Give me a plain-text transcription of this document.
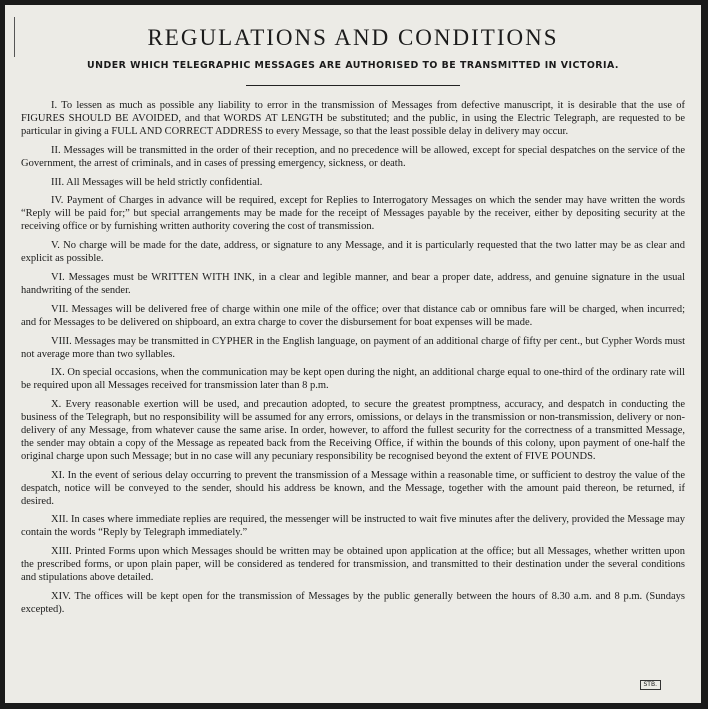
REGULATIONS AND CONDITIONS
UNDER WHICH TELEGRAPHIC MESSAGES ARE AUTHORISED TO BE TRANSMITTED IN VICTORIA.

I. To lessen as much as possible any liability to error in the transmission of Messages from defective manuscript, it is desirable that the use of FIGURES SHOULD BE AVOIDED, and that WORDS AT LENGTH be substituted; and the public, in using the Electric Telegraph, are requested to be particular in giving a FULL AND CORRECT ADDRESS to every Message, so that the least possible delay in delivery may occur.

II. Messages will be transmitted in the order of their reception, and no precedence will be allowed, except for special despatches on the service of the Government, the arrest of criminals, and in cases of pressing emergency, sickness, or death.

III. All Messages will be held strictly confidential.

IV. Payment of Charges in advance will be required, except for Replies to Interrogatory Messages on which the sender may have written the words “Reply will be paid for;” but special arrangements may be made for the receipt of Messages payable by the receiver, either by depositing security at the receiving office or by furnishing written authority covering the cost of transmission.

V. No charge will be made for the date, address, or signature to any Message, and it is particularly requested that the two latter may be as clear and explicit as possible.

VI. Messages must be WRITTEN WITH INK, in a clear and legible manner, and bear a proper date, address, and genuine signature in the usual handwriting of the sender.

VII. Messages will be delivered free of charge within one mile of the office; over that distance cab or omnibus fare will be charged, when incurred; and for Messages to be delivered on shipboard, an extra charge to cover the disbursement for boat expenses will be made.

VIII. Messages may be transmitted in CYPHER in the English language, on payment of an additional charge of fifty per cent., but Cypher Words must not average more than two syllables.

IX. On special occasions, when the communication may be kept open during the night, an additional charge equal to one-third of the ordinary rate will be required upon all Messages received for transmission later than 8 p.m.

X. Every reasonable exertion will be used, and precaution adopted, to secure the greatest promptness, accuracy, and despatch in conducting the business of the Telegraph, but no responsibility will be assumed for any errors, omissions, or delays in the transmission or non-transmission, delivery or non-delivery of any Message, from whatever cause the same arise. In order, however, to afford the fullest security for the correctness of a transmitted Message, the sender may obtain a copy of the Message as repeated back from the Receiving Office, if within the bounds of this colony, upon payment of one-half the original charge upon such Message; but in no case will any pecuniary responsibility be recognised beyond the extent of FIVE POUNDS.

XI. In the event of serious delay occurring to prevent the transmission of a Message within a reasonable time, or sufficient to destroy the value of the despatch, notice will be conveyed to the sender, should his address be known, and the Message, together with the amount paid thereon, be returned, if desired.

XII. In cases where immediate replies are required, the messenger will be instructed to wait five minutes after the delivery, provided the Message may contain the words “Reply by Telegraph immediately.”

XIII. Printed Forms upon which Messages should be written may be obtained upon application at the office; but all Messages, whether written upon the prescribed forms, or upon plain paper, will be considered as tendered for transmission, and transmitted to their destination under the several conditions and stipulations above detailed.

XIV. The offices will be kept open for the transmission of Messages by the public generally between the hours of 8.30 a.m. and 8 p.m. (Sundays excepted).

STB.
